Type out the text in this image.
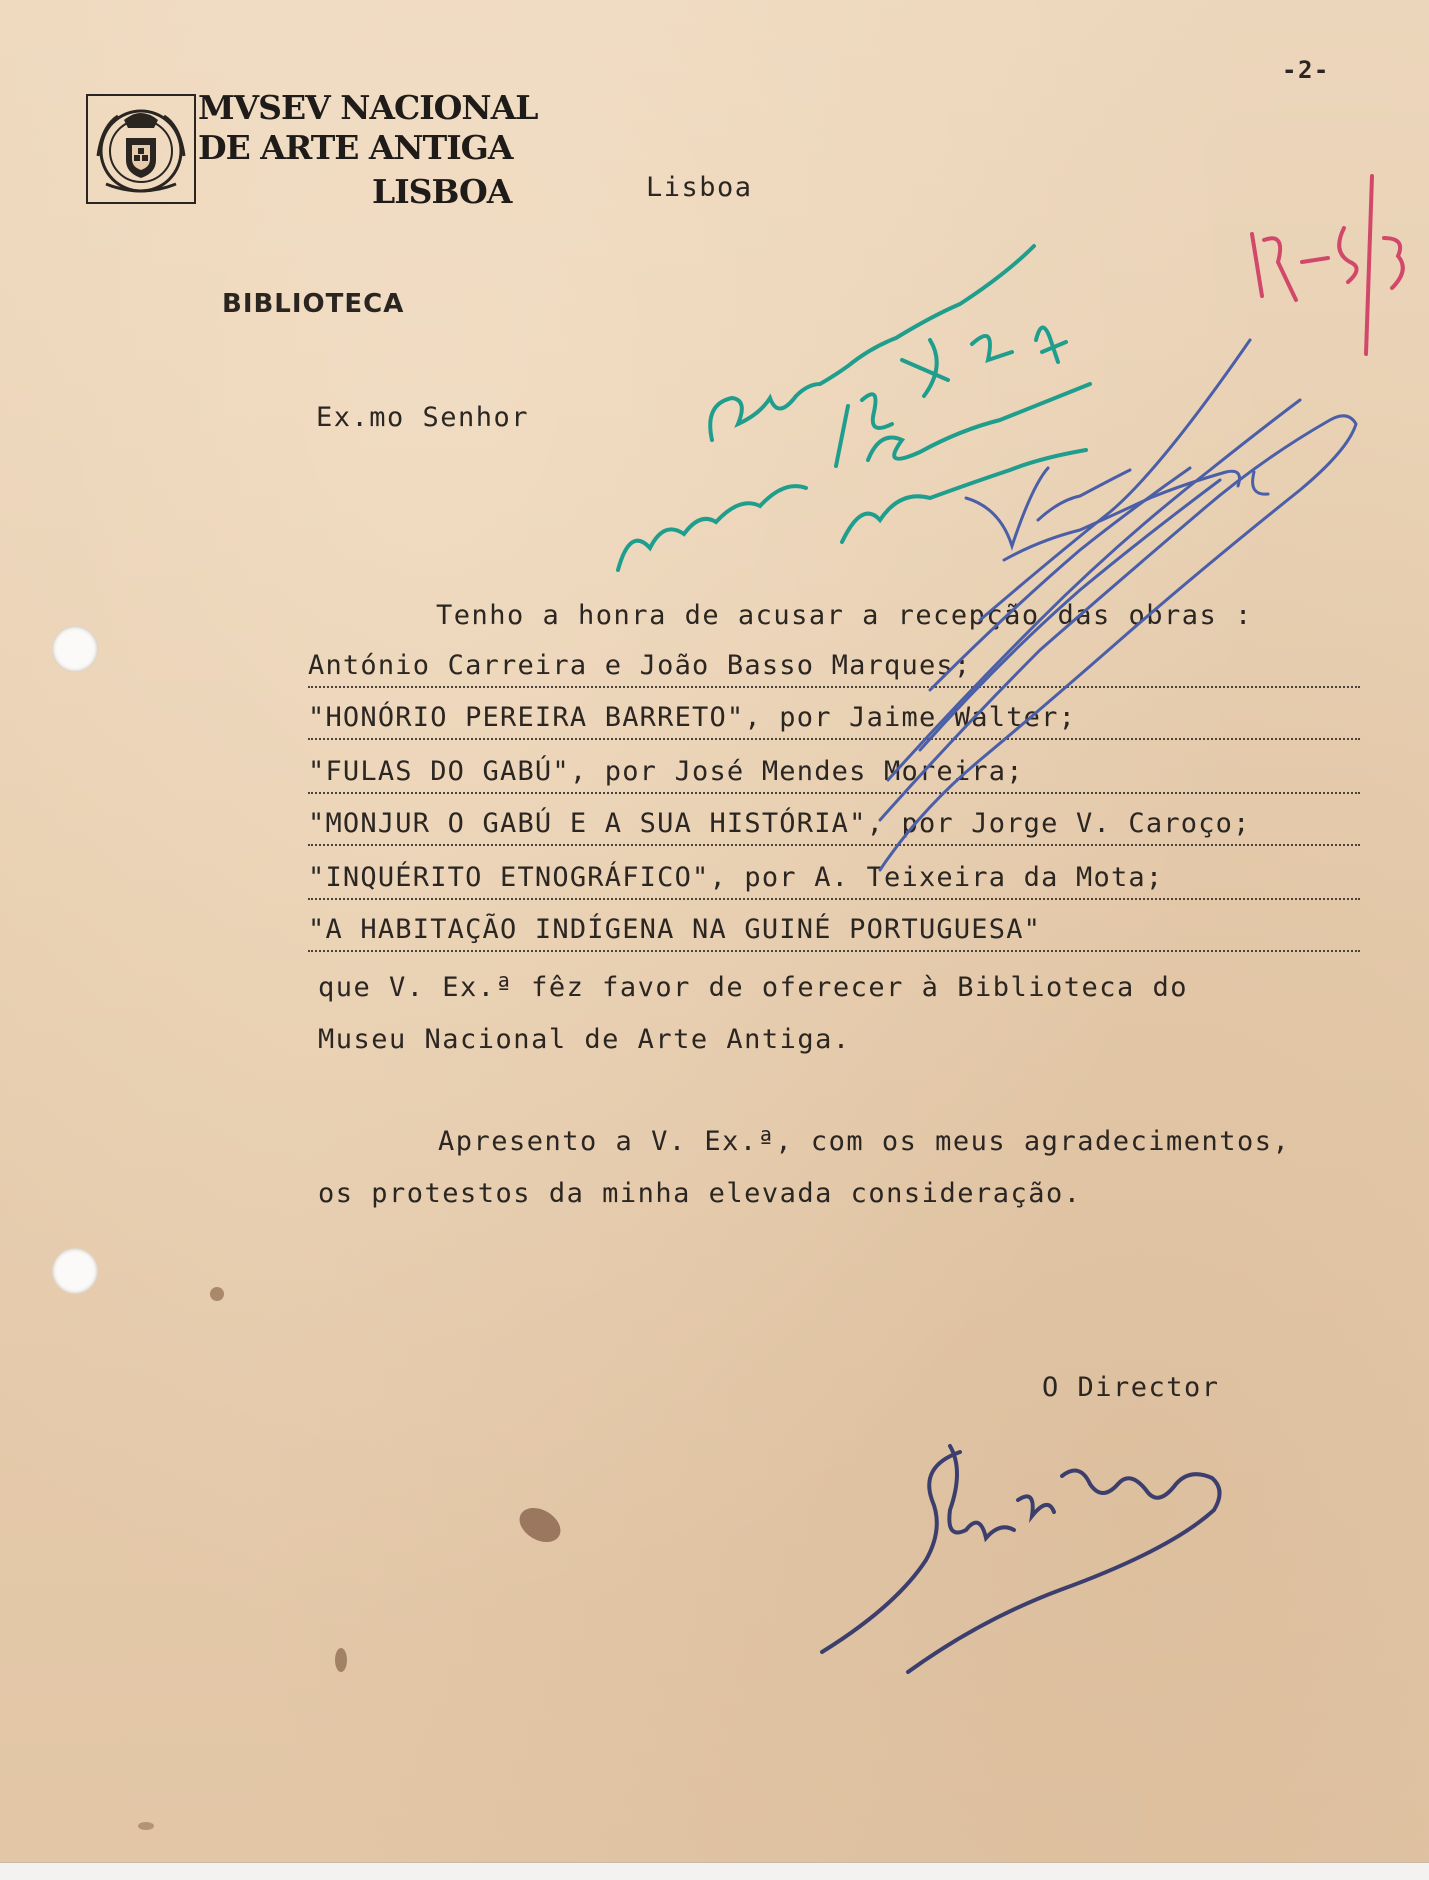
-2-
MVSEV NACIONAL
DE ARTE ANTIGA
LISBOA	Lisboa
BIBLIOTECA
Ex.mo Senhor
Tenho a honra de acusar a recepção das obras :
António Carreira e João Basso Marques;
"HONÓRIO PEREIRA BARRETO", por Jaime Walter;
"FULAS DO GABÚ", por José Mendes Moreira;
"MONJUR O GABÚ E A SUA HISTÓRIA", por Jorge V. Caroço;
"INQUÉRITO ETNOGRÁFICO", por A. Teixeira da Mota;
"A HABITAÇÃO INDÍGENA NA GUINÉ PORTUGUESA"
que V. Ex.ª fêz favor de oferecer à Biblioteca do
Museu Nacional de Arte Antiga.
Apresento a V. Ex.ª, com os meus agradecimentos,
os protestos da minha elevada consideração.
O Director
